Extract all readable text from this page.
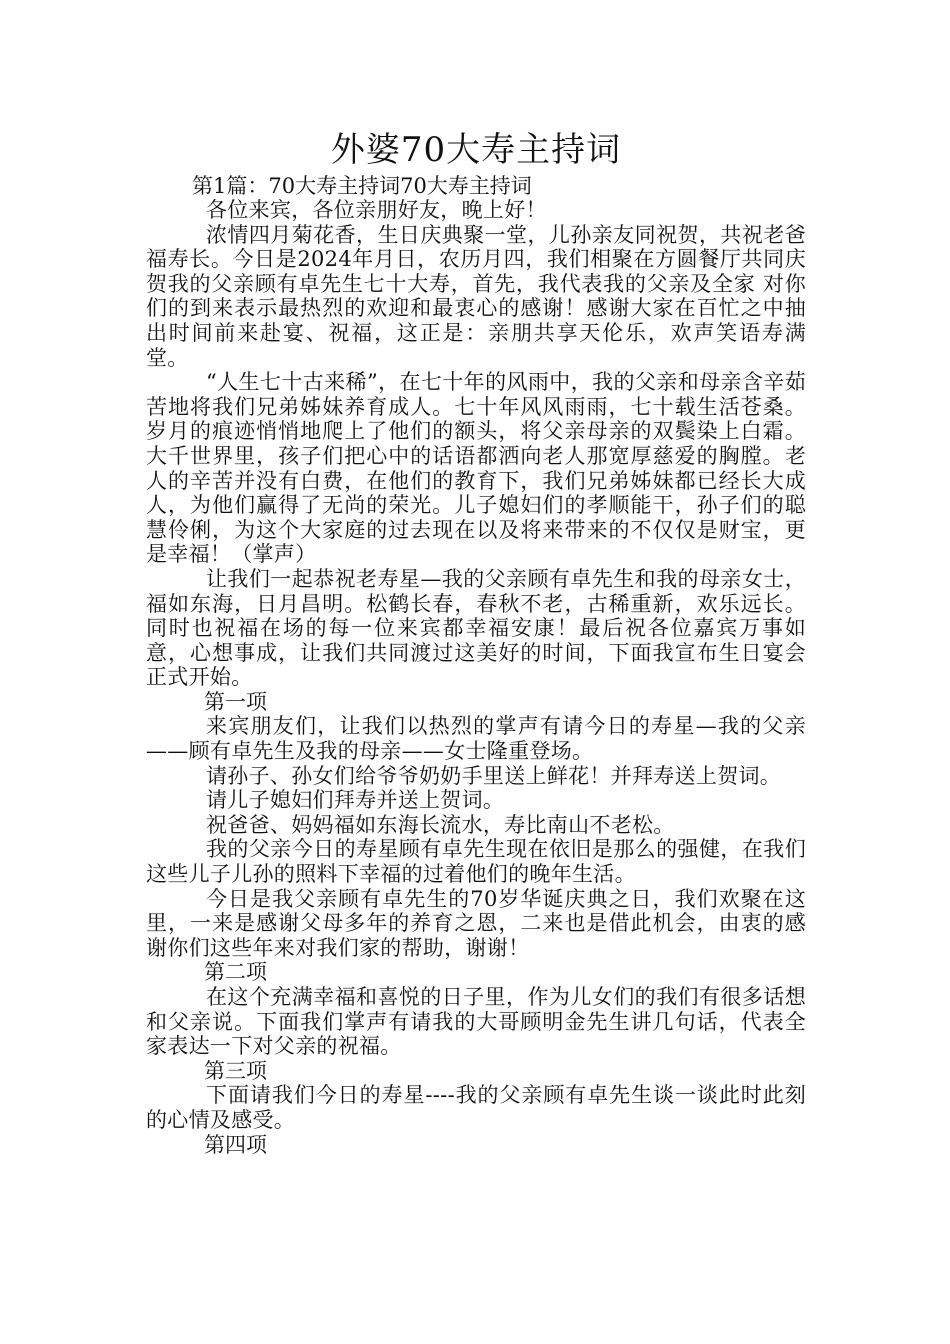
外婆70大寿主持词

第1篇：70大寿主持词70大寿主持词

各位来宾，各位亲朋好友，晚上好！

浓情四月菊花香，生日庆典聚一堂，儿孙亲友同祝贺，共祝老爸福寿长。今日是2024年月日，农历月四，我们相聚在方圆餐厅共同庆贺我的父亲顾有卓先生七十大寿，首先，我代表我的父亲及全家 对你们的到来表示最热烈的欢迎和最衷心的感谢！感谢大家在百忙之中抽出时间前来赴宴、祝福，这正是：亲朋共享天伦乐，欢声笑语寿满堂。

“人生七十古来稀”，在七十年的风雨中，我的父亲和母亲含辛茹苦地将我们兄弟姊妹养育成人。七十年风风雨雨，七十载生活苍桑。岁月的痕迹悄悄地爬上了他们的额头，将父亲母亲的双鬓染上白霜。大千世界里，孩子们把心中的话语都洒向老人那宽厚慈爱的胸膛。老人的辛苦并没有白费，在他们的教育下，我们兄弟姊妹都已经长大成人，为他们赢得了无尚的荣光。儿子媳妇们的孝顺能干，孙子们的聪慧伶俐，为这个大家庭的过去现在以及将来带来的不仅仅是财宝，更是幸福！（掌声）

让我们一起恭祝老寿星—我的父亲顾有卓先生和我的母亲女士，福如东海，日月昌明。松鹤长春，春秋不老，古稀重新，欢乐远长。同时也祝福在场的每一位来宾都幸福安康！最后祝各位嘉宾万事如意，心想事成，让我们共同渡过这美好的时间，下面我宣布生日宴会正式开始。

第一项

来宾朋友们，让我们以热烈的掌声有请今日的寿星—我的父亲——顾有卓先生及我的母亲——女士隆重登场。

请孙子、孙女们给爷爷奶奶手里送上鲜花！并拜寿送上贺词。

请儿子媳妇们拜寿并送上贺词。

祝爸爸、妈妈福如东海长流水，寿比南山不老松。

我的父亲今日的寿星顾有卓先生现在依旧是那么的强健，在我们这些儿子儿孙的照料下幸福的过着他们的晚年生活。

今日是我父亲顾有卓先生的70岁华诞庆典之日，我们欢聚在这里，一来是感谢父母多年的养育之恩，二来也是借此机会，由衷的感谢你们这些年来对我们家的帮助，谢谢！

第二项

在这个充满幸福和喜悦的日子里，作为儿女们的我们有很多话想和父亲说。下面我们掌声有请我的大哥顾明金先生讲几句话，代表全家表达一下对父亲的祝福。

第三项

下面请我们今日的寿星----我的父亲顾有卓先生谈一谈此时此刻的心情及感受。

第四项
